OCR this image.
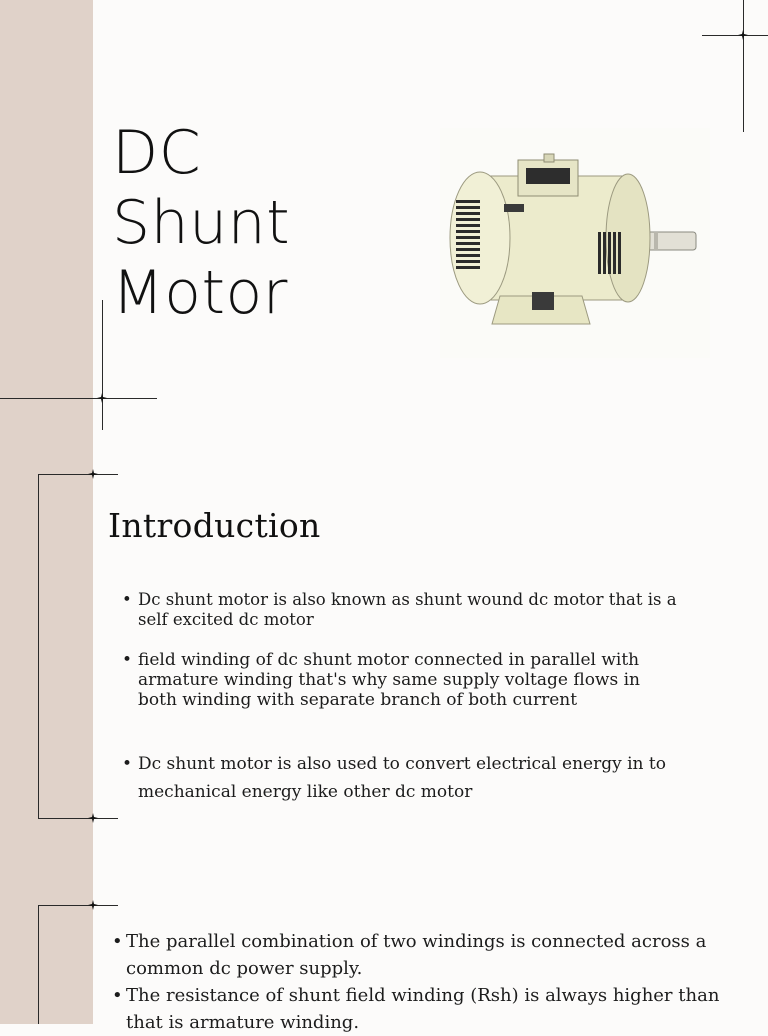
DC
Shunt
Motor
Introduction
• Dc shunt motor is also known as shunt wound dc motor that is a self excited dc motor
• field winding of dc shunt motor connected in parallel with armature winding that's why same supply voltage flows in both winding with separate branch of both current
• Dc shunt motor is also used to convert electrical energy in to mechanical energy like other dc motor
• The parallel combination of two windings is connected across a common dc power supply.
• The resistance of shunt field winding (Rsh) is always higher than that is armature winding.
